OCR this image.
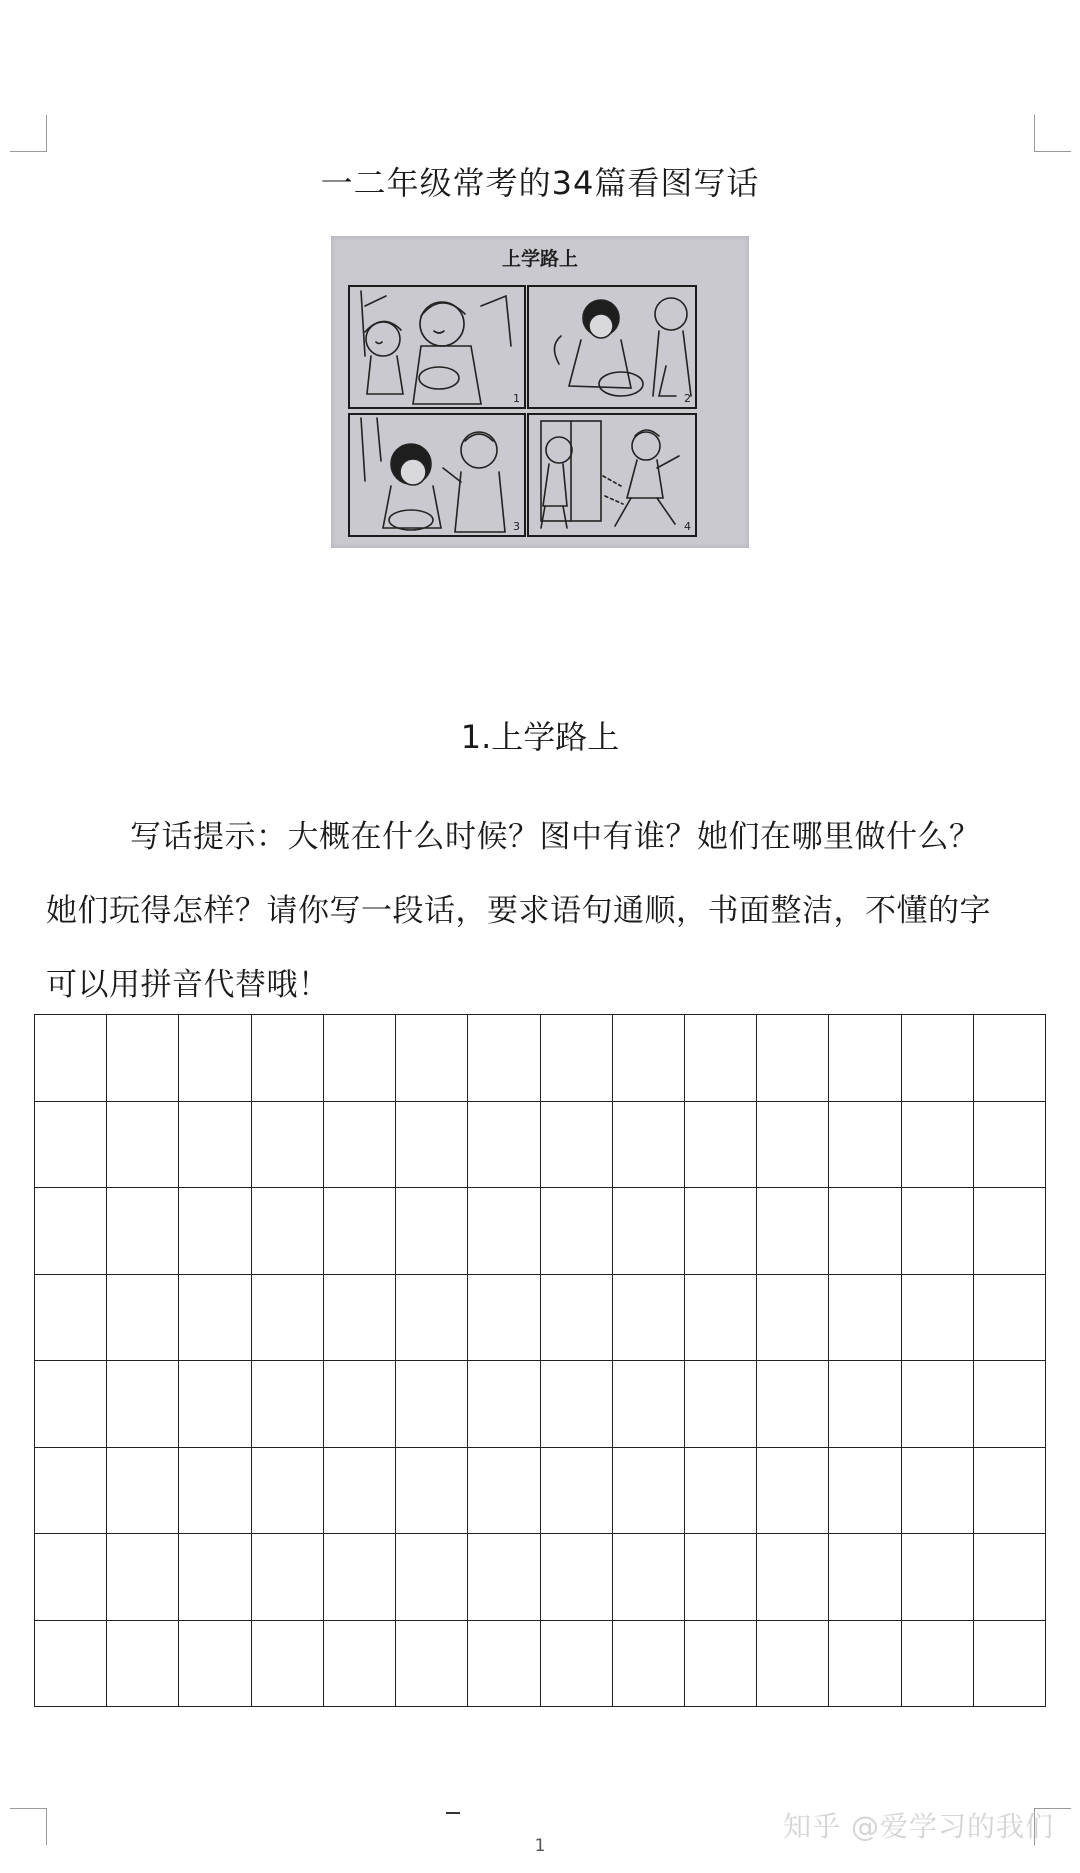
一二年级常考的34篇看图写话
1	2
3	4
上学路上
1.上学路上

写话提示：大概在什么时候？图中有谁？她们在哪里做什么？

她们玩得怎样？请你写一段话，要求语句通顺，书面整洁，不懂的字

可以用拼音代替哦！

1
知乎 @爱学习的我们
